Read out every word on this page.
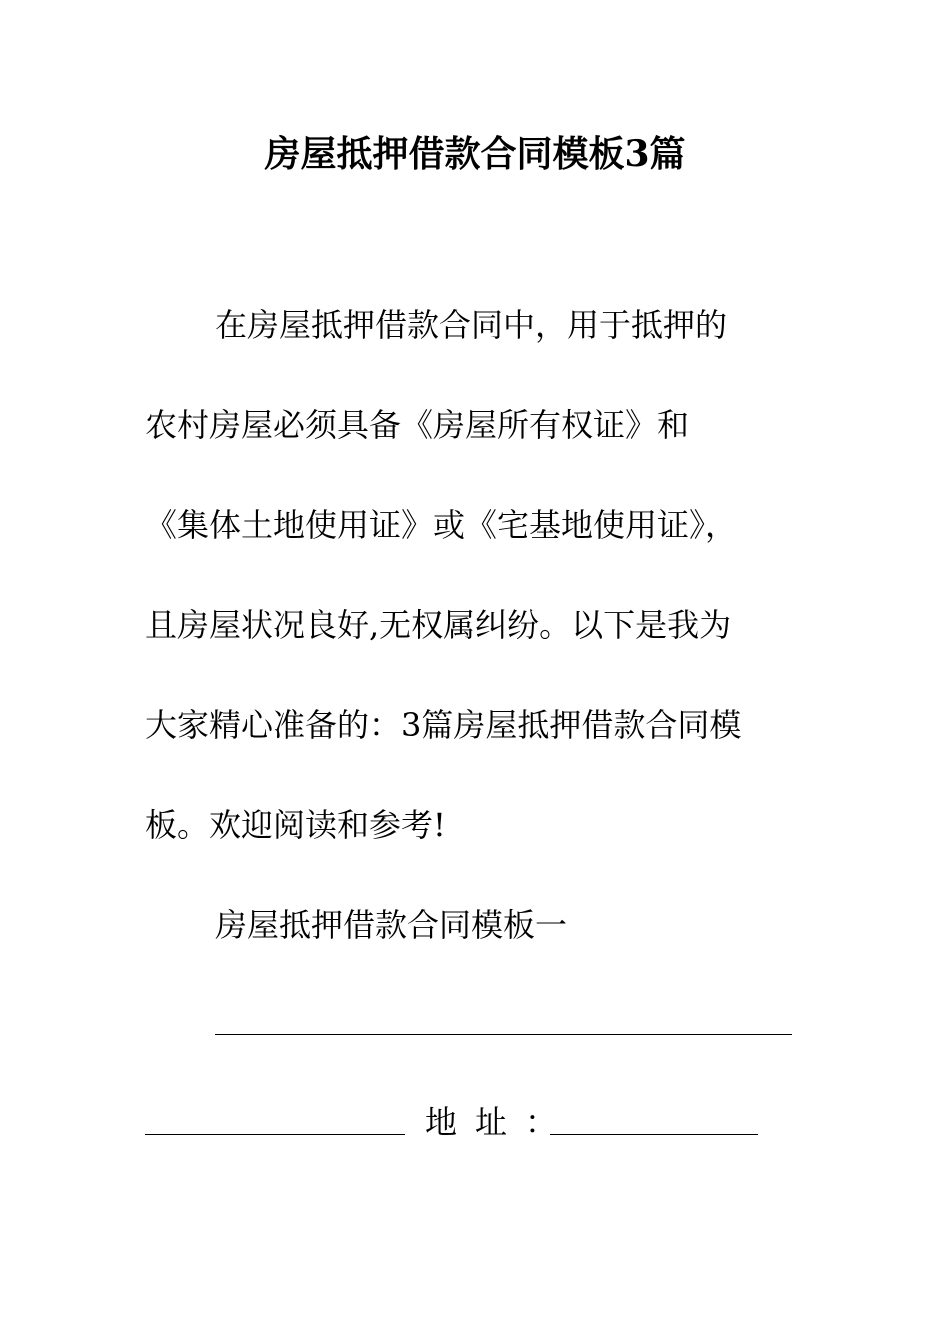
房屋抵押借款合同模板3篇
在房屋抵押借款合同中，用于抵押的
农村房屋必须具备《房屋所有权证》和
《集体土地使用证》或《宅基地使用证》，
且房屋状况良好,无权属纠纷。以下是我为
大家精心准备的：3篇房屋抵押借款合同模
板。欢迎阅读和参考!
房屋抵押借款合同模板一
地址：
